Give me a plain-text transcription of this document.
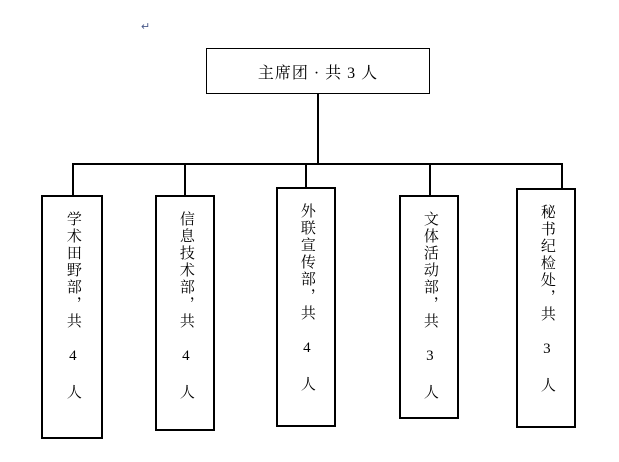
↵
主席团 · 共 3 人
学术田野部，共 4 人	信息技术部，共 4 人	外联宣传部，共 4 人	文体活动部，共 3 人	秘书纪检处，共 3 人
